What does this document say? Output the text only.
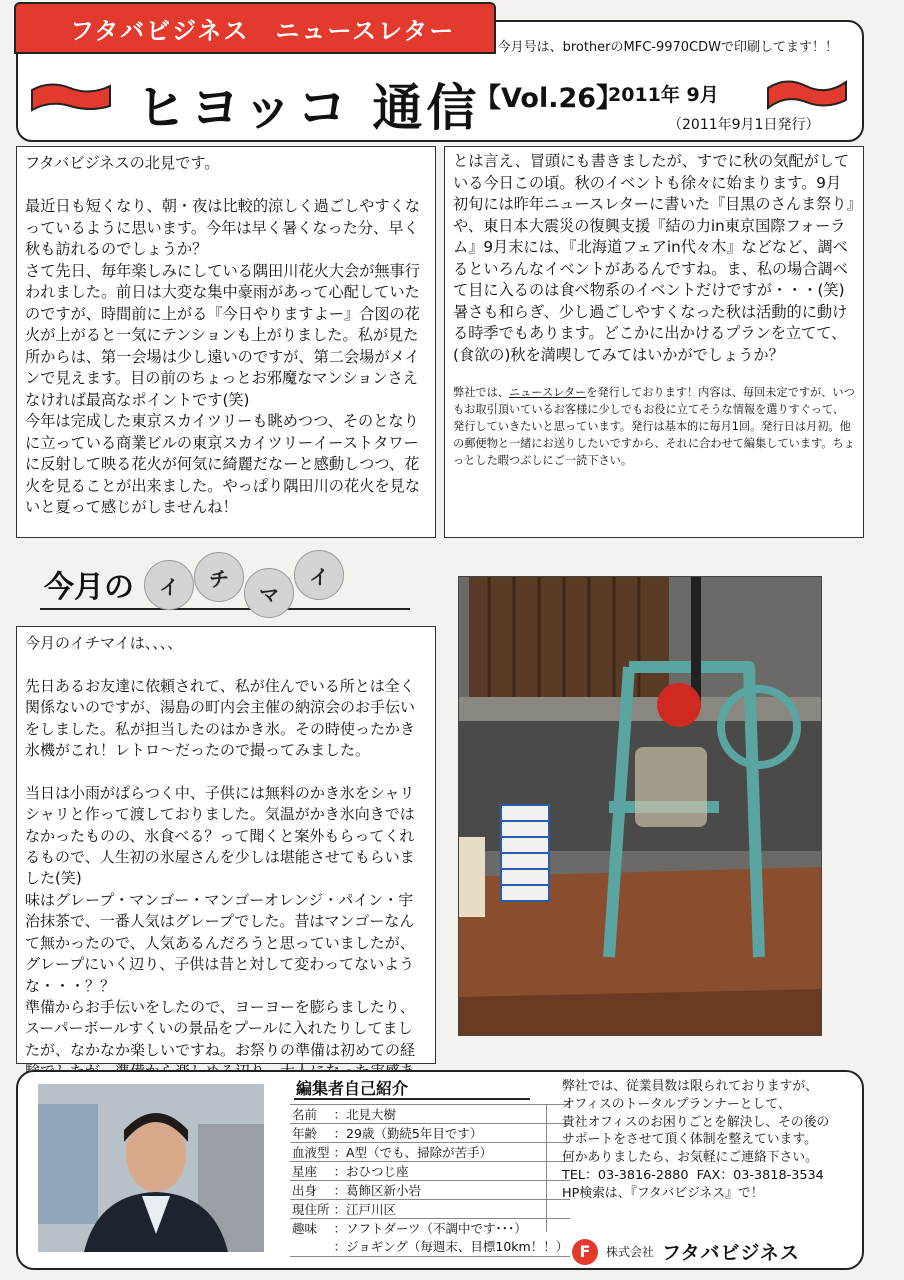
今月号は、brotherのMFC-9970CDWで印刷してます！！
ヒヨッコ 通信
【Vol.26】
2011年 9月
（2011年9月1日発行）
フタバビジネス　ニュースレター
フタバビジネスの北見です。

最近日も短くなり、朝・夜は比較的涼しく過ごしやすくなっているように思います。今年は早く暑くなった分、早く秋も訪れるのでしょうか？
さて先日、毎年楽しみにしている隅田川花火大会が無事行われました。前日は大変な集中豪雨があって心配していたのですが、時間前に上がる『今日やりますよー』合図の花火が上がると一気にテンションも上がりました。私が見た所からは、第一会場は少し遠いのですが、第二会場がメインで見えます。目の前のちょっとお邪魔なマンションさえなければ最高なポイントです(笑)
今年は完成した東京スカイツリーも眺めつつ、そのとなりに立っている商業ビルの東京スカイツリーイーストタワーに反射して映る花火が何気に綺麗だなーと感動しつつ、花火を見ることが出来ました。やっぱり隅田川の花火を見ないと夏って感じがしませんね！
とは言え、冒頭にも書きましたが、すでに秋の気配がしている今日この頃。秋のイベントも徐々に始まります。9月初旬には昨年ニュースレターに書いた『目黒のさんま祭り』や、東日本大震災の復興支援『結の力in東京国際フォーラム』9月末には、『北海道フェアin代々木』などなど、調べるといろんなイベントがあるんですね。ま、私の場合調べて目に入るのは食べ物系のイベントだけですが・・・(笑)
暑さも和らぎ、少し過ごしやすくなった秋は活動的に動ける時季でもあります。どこかに出かけるプランを立てて、(食欲の)秋を満喫してみてはいかがでしょうか？
弊社では、ニュースレターを発行しております！内容は、毎回未定ですが、いつもお取引頂いているお客様に少しでもお役に立てそうな情報を選りすぐって、発行していきたいと思っています。発行は基本的に毎月1回。発行日は月初。他の郵便物と一緒にお送りしたいですから、それに合わせて編集しています。ちょっとした暇つぶしにご一読下さい。
今月の	イ	チ
マ
イ
今月のイチマイは、、、、

先日あるお友達に依頼されて、私が住んでいる所とは全く関係ないのですが、湯島の町内会主催の納涼会のお手伝いをしました。私が担当したのはかき氷。その時使ったかき氷機がこれ！レトロ～だったので撮ってみました。

当日は小雨がぱらつく中、子供には無料のかき氷をシャリシャリと作って渡しておりました。気温がかき氷向きではなかったものの、氷食べる？って聞くと案外もらってくれるもので、人生初の氷屋さんを少しは堪能させてもらいました(笑)
味はグレープ・マンゴー・マンゴーオレンジ・パイン・宇治抹茶で、一番人気はグレープでした。昔はマンゴーなんて無かったので、人気あるんだろうと思っていましたが、グレープにいく辺り、子供は昔と対して変わってないような・・・？？
準備からお手伝いをしたので、ヨーヨーを膨らましたり、スーパーボールすくいの景品をプールに入れたりしてましたが、なかなか楽しいですね。お祭りの準備は初めての経
編集者自己紹介
名前	：北見大樹
年齢	：29歳（勤続5年目です）
血液型	：A型（でも、掃除が苦手）
星座	：おひつじ座
出身	：葛飾区新小岩
現住所	：江戸川区
趣味	：ソフトダーツ（不調中です･･･）
	：ジョギング（毎週末、目標10km！！）
弊社では、従業員数は限られておりますが、
オフィスのトータルプランナーとして、
貴社オフィスのお困りごとを解決し、その後の
サポートをさせて頂く体制を整えています。
何かありましたら、お気軽にご連絡下さい。
TEL：03-3816-2880  FAX：03-3818-3534
HP検索は、『フタバビジネス』で！
F	株式会社 フタバビジネス
